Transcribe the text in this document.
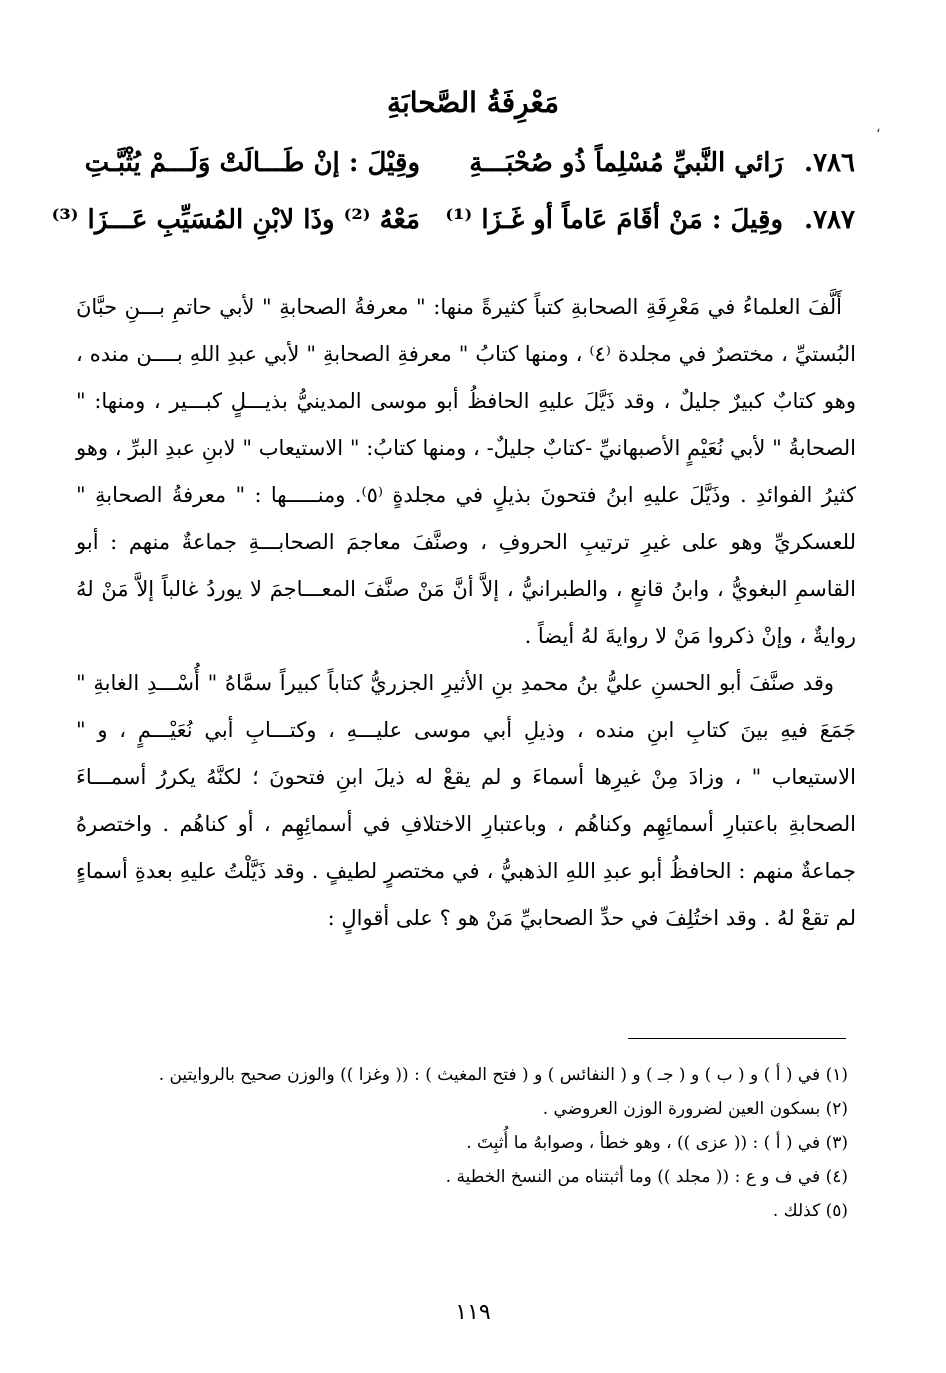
مَعْرِفَةُ الصَّحابَةِ
،
٧٨٦.
رَائي النَّبيِّ مُسْلِماً ذُو صُحْبَـــةِ
وقِيْلَ : إنْ طَـــالَتْ وَلَـــمْ يُثْبَّـتِ
٧٨٧.
وقِيلَ : مَنْ أقَامَ عَاماً أو غَـزَا ⁽¹⁾
مَعْهُ ⁽²⁾ وذَا لابْنِ المُسَيِّبِ عَـــزَا ⁽³⁾

أَلَّفَ العلماءُ في مَعْرِفَةِ الصحابةِ كتباً كثيرةً منها: " معرفةُ الصحابةِ " لأبي حاتمِ بـــنِ حبَّانَ البُستيِّ ، مختصرٌ في مجلدة ⁽٤⁾ ، ومنها كتابُ " معرفةِ الصحابةِ " لأبي عبدِ اللهِ بــــن منده ، وهو كتابٌ كبيرٌ جليلٌ ، وقد ذَيَّلَ عليهِ الحافظُ أبو موسى المدينيُّ بذيـــلٍ كبـــير ، ومنها: " الصحابةُ " لأبي نُعَيْمٍ الأصبهانيِّ -كتابٌ جليلٌ- ، ومنها كتابُ: " الاستيعاب " لابنِ عبدِ البرِّ ، وهو كثيرُ الفوائدِ . وذَيَّلَ عليهِ ابنُ فتحونَ بذيلٍ في مجلدةٍ ⁽٥⁾. ومنـــــها : " معرفةُ الصحابةِ " للعسكريِّ وهو على غيرِ ترتيبِ الحروفِ ، وصنَّفَ معاجمَ الصحابـــةِ جماعةٌ منهم : أبو القاسمِ البغويُّ ، وابنُ قانعٍ ، والطبرانيُّ ، إلاَّ أنَّ مَنْ صنَّفَ المعـــاجمَ لا يوردُ غالباً إلاَّ مَنْ لهُ روايةٌ ، وإنْ ذكروا مَنْ لا روايةَ لهُ أيضاً .

وقد صنَّفَ أبو الحسنِ عليُّ بنُ محمدِ بنِ الأثيرِ الجزريُّ كتاباً كبيراً سمَّاهُ " أُسْـــدِ الغابةِ " جَمَعَ فيهِ بينَ كتابِ ابنِ منده ، وذيلِ أبي موسى عليـــهِ ، وكتـــابِ أبي نُعَيْـــمٍ ، و " الاستيعاب " ، وزادَ مِنْ غيرِها أسماءَ و لم يقعْ له ذيلَ ابنِ فتحونَ ؛ لكنَّهُ يكررُ أسمـــاءَ الصحابةِ باعتبارِ أسمائِهِم وكناهُم ، وباعتبارِ الاختلافِ في أسمائِهِم ، أو كناهُم . واختصرهُ جماعةٌ منهم : الحافظُ أبو عبدِ اللهِ الذهبيُّ ، في مختصرٍ لطيفٍ . وقد ذَيَّلْتُ عليهِ بعدةِ أسماءٍ لم تقعْ لهُ . وقد اختُلِفَ في حدِّ الصحابيِّ مَنْ هو ؟ على أقوالٍ :

(١) في ( أ ) و ( ب ) و ( جـ ) و ( النفائس ) و ( فتح المغيث ) : (( وغزا )) والوزن صحيح بالروايتين .
(٢) بسكون العين لضرورة الوزن العروضي .
(٣) في ( أ ) : (( عزى )) ، وهو خطأ ، وصوابهُ ما أُثبِتَ .
(٤) في ف و ع : (( مجلد )) وما أثبتناه من النسخ الخطية .
(٥) كذلك .
١١٩
